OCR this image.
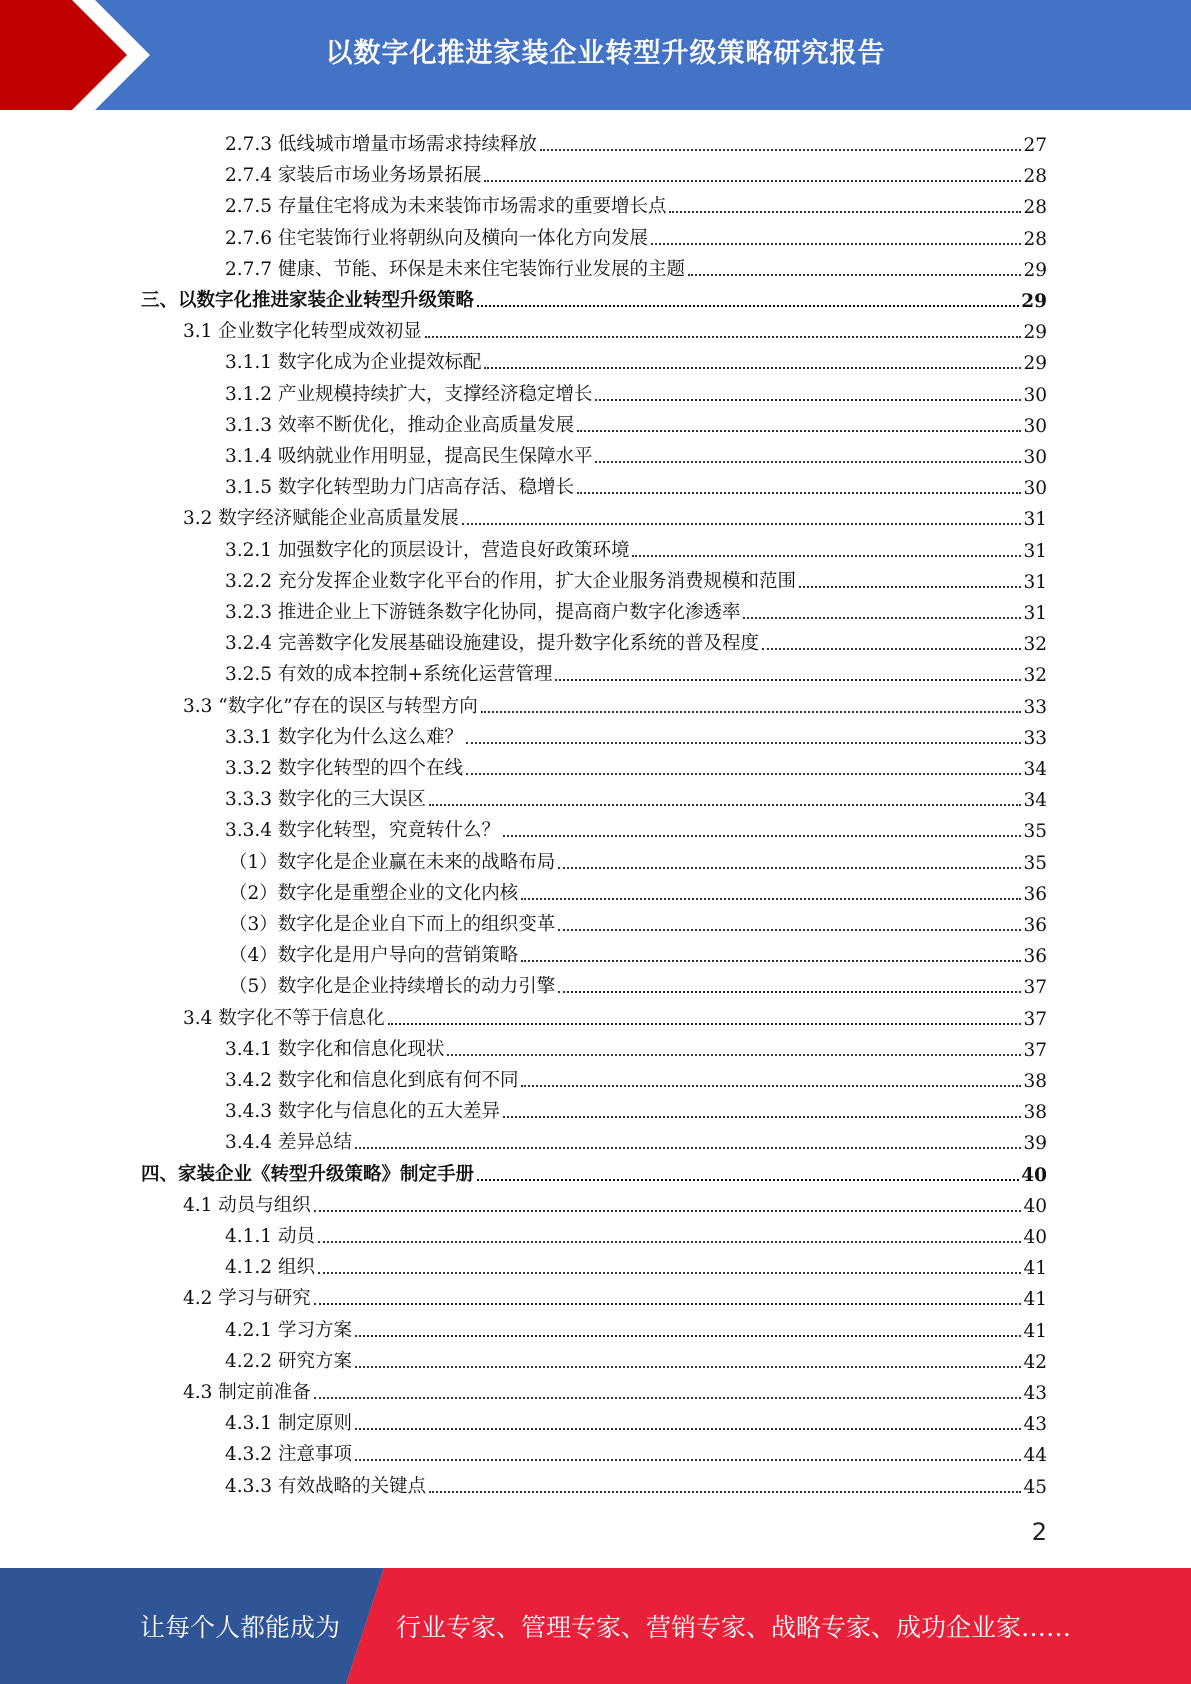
以数字化推进家装企业转型升级策略研究报告
2.7.3 低线城市增量市场需求持续释放	27
2.7.4 家装后市场业务场景拓展	28
2.7.5 存量住宅将成为未来装饰市场需求的重要增长点	28
2.7.6 住宅装饰行业将朝纵向及横向一体化方向发展	28
2.7.7 健康、节能、环保是未来住宅装饰行业发展的主题	29
三、以数字化推进家装企业转型升级策略	29
3.1 企业数字化转型成效初显	29
3.1.1 数字化成为企业提效标配	29
3.1.2 产业规模持续扩大，支撑经济稳定增长	30
3.1.3 效率不断优化，推动企业高质量发展	30
3.1.4 吸纳就业作用明显，提高民生保障水平	30
3.1.5 数字化转型助力门店高存活、稳增长	30
3.2 数字经济赋能企业高质量发展	31
3.2.1 加强数字化的顶层设计，营造良好政策环境	31
3.2.2 充分发挥企业数字化平台的作用，扩大企业服务消费规模和范围	31
3.2.3 推进企业上下游链条数字化协同，提高商户数字化渗透率	31
3.2.4 完善数字化发展基础设施建设，提升数字化系统的普及程度	32
3.2.5 有效的成本控制+系统化运营管理	32
3.3 “数字化”存在的误区与转型方向	33
3.3.1 数字化为什么这么难？	33
3.3.2 数字化转型的四个在线	34
3.3.3 数字化的三大误区	34
3.3.4 数字化转型，究竟转什么？	35
（1）数字化是企业赢在未来的战略布局	35
（2）数字化是重塑企业的文化内核	36
（3）数字化是企业自下而上的组织变革	36
（4）数字化是用户导向的营销策略	36
（5）数字化是企业持续增长的动力引擎	37
3.4 数字化不等于信息化	37
3.4.1 数字化和信息化现状	37
3.4.2 数字化和信息化到底有何不同	38
3.4.3 数字化与信息化的五大差异	38
3.4.4 差异总结	39
四、家装企业《转型升级策略》制定手册	40
4.1 动员与组织	40
4.1.1 动员	40
4.1.2 组织	41
4.2 学习与研究	41
4.2.1 学习方案	41
4.2.2 研究方案	42
4.3 制定前准备	43
4.3.1 制定原则	43
4.3.2 注意事项	44
4.3.3 有效战略的关键点	45
2
让每个人都能成为 行业专家、管理专家、营销专家、战略专家、成功企业家……
